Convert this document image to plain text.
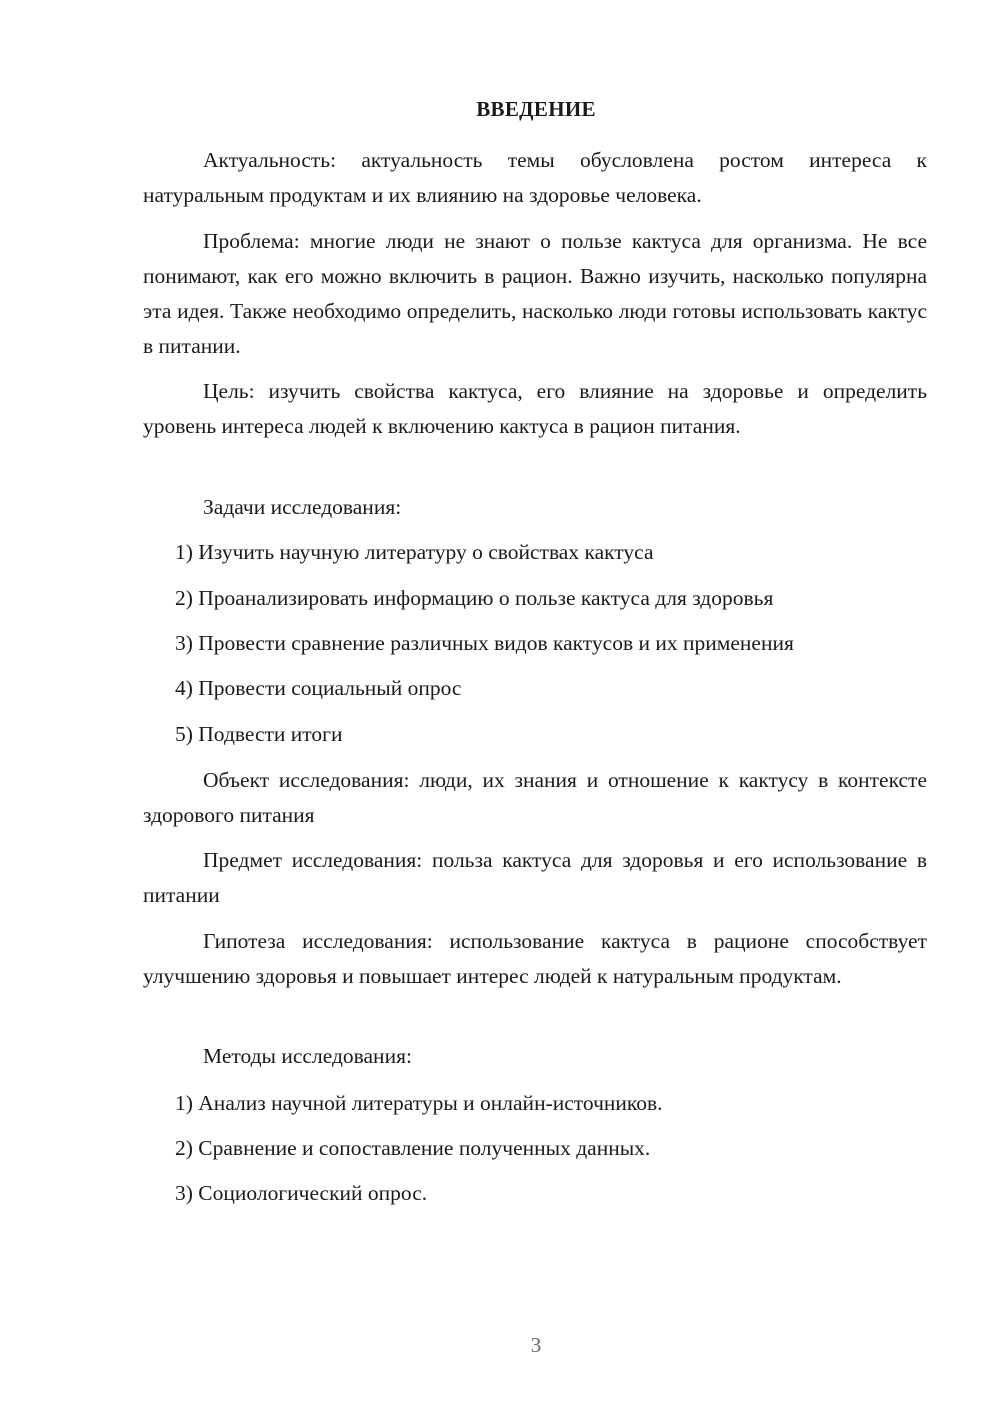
ВВЕДЕНИЕ

Актуальность: актуальность темы обусловлена ростом интереса к натуральным продуктам и их влиянию на здоровье человека.

Проблема: многие люди не знают о пользе кактуса для организма. Не все понимают, как его можно включить в рацион. Важно изучить, насколько популярна эта идея. Также необходимо определить, насколько люди готовы использовать кактус в питании.

Цель: изучить свойства кактуса, его влияние на здоровье и определить уровень интереса людей к включению кактуса в рацион питания.

Задачи исследования:

1) Изучить научную литературу о свойствах кактуса

2) Проанализировать информацию о пользе кактуса для здоровья

3) Провести сравнение различных видов кактусов и их применения

4) Провести социальный опрос

5) Подвести итоги

Объект исследования: люди, их знания и отношение к кактусу в контексте здорового питания

Предмет исследования: польза кактуса для здоровья и его использование в питании

Гипотеза исследования: использование кактуса в рационе способствует улучшению здоровья и повышает интерес людей к натуральным продуктам.

Методы исследования:

1) Анализ научной литературы и онлайн-источников.

2) Сравнение и сопоставление полученных данных.

3) Социологический опрос.

3
